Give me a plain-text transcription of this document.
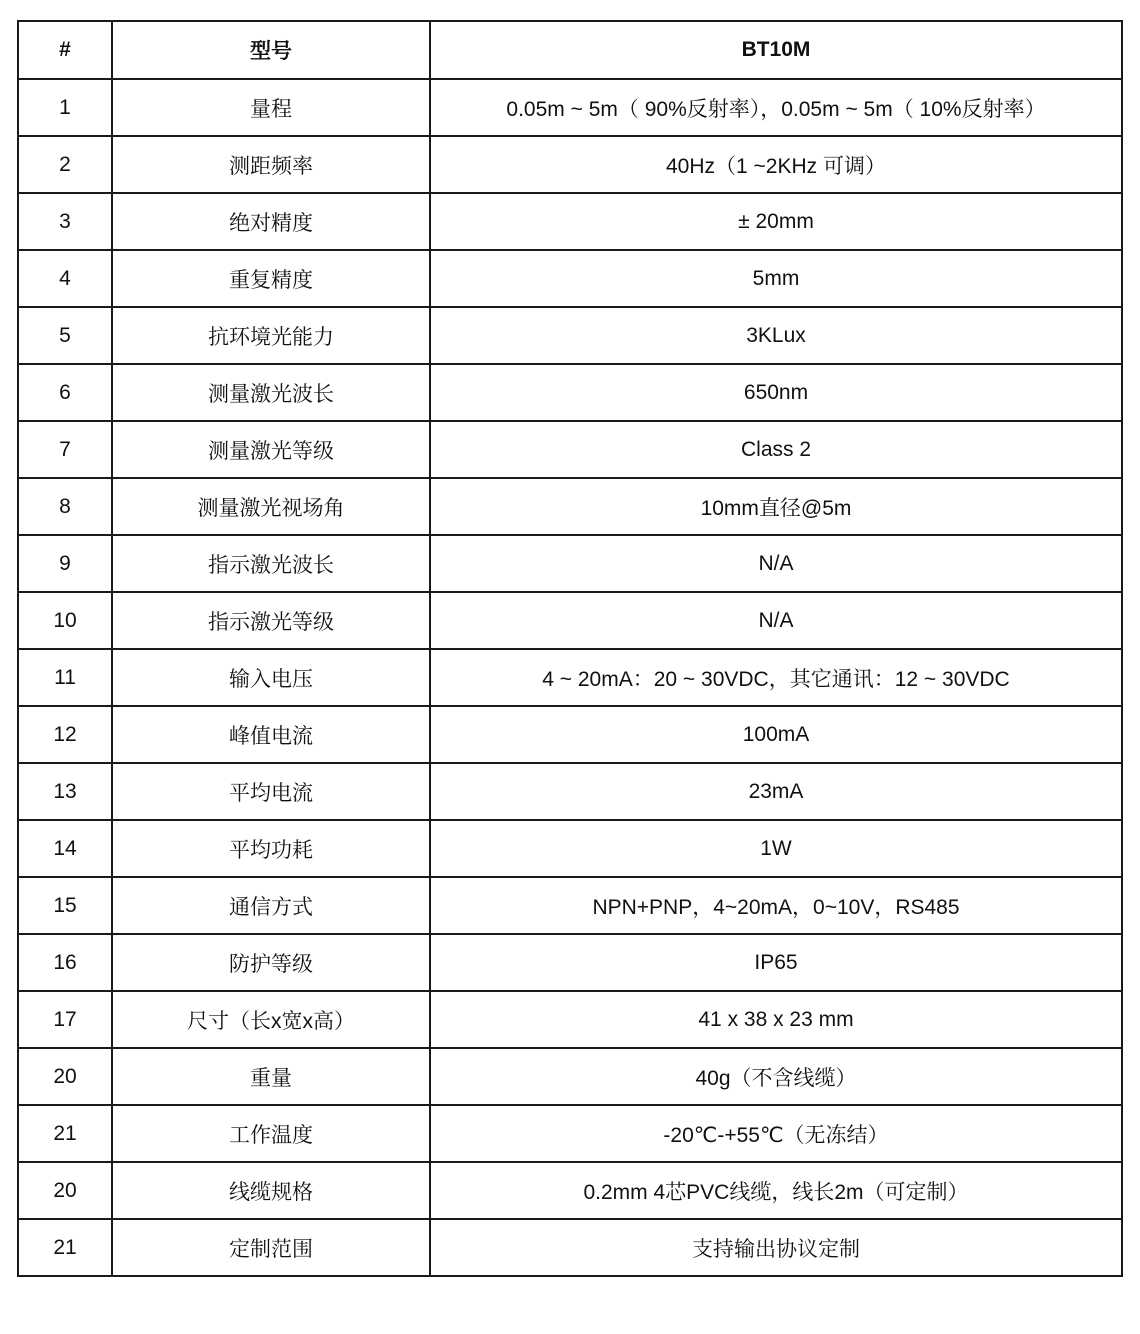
#	型号	BT10M
1	量程	0.05m ~ 5m（ 90%反射率），0.05m ~ 5m（ 10%反射率）
2	测距频率	40Hz（1 ~2KHz 可调）
3	绝对精度	± 20mm
4	重复精度	5mm
5	抗环境光能力	3KLux
6	测量激光波长	650nm
7	测量激光等级	Class 2
8	测量激光视场角	10mm直径@5m
9	指示激光波长	N/A
10	指示激光等级	N/A
11	输入电压	4 ~ 20mA：20 ~ 30VDC，其它通讯：12 ~ 30VDC
12	峰值电流	100mA
13	平均电流	23mA
14	平均功耗	1W
15	通信方式	NPN+PNP，4~20mA，0~10V，RS485
16	防护等级	IP65
17	尺寸（长x宽x高）	41 x 38 x 23 mm
20	重量	40g（不含线缆）
21	工作温度	-20℃-+55℃（无冻结）
20	线缆规格	0.2mm 4芯PVC线缆，线长2m（可定制）
21	定制范围	支持输出协议定制
